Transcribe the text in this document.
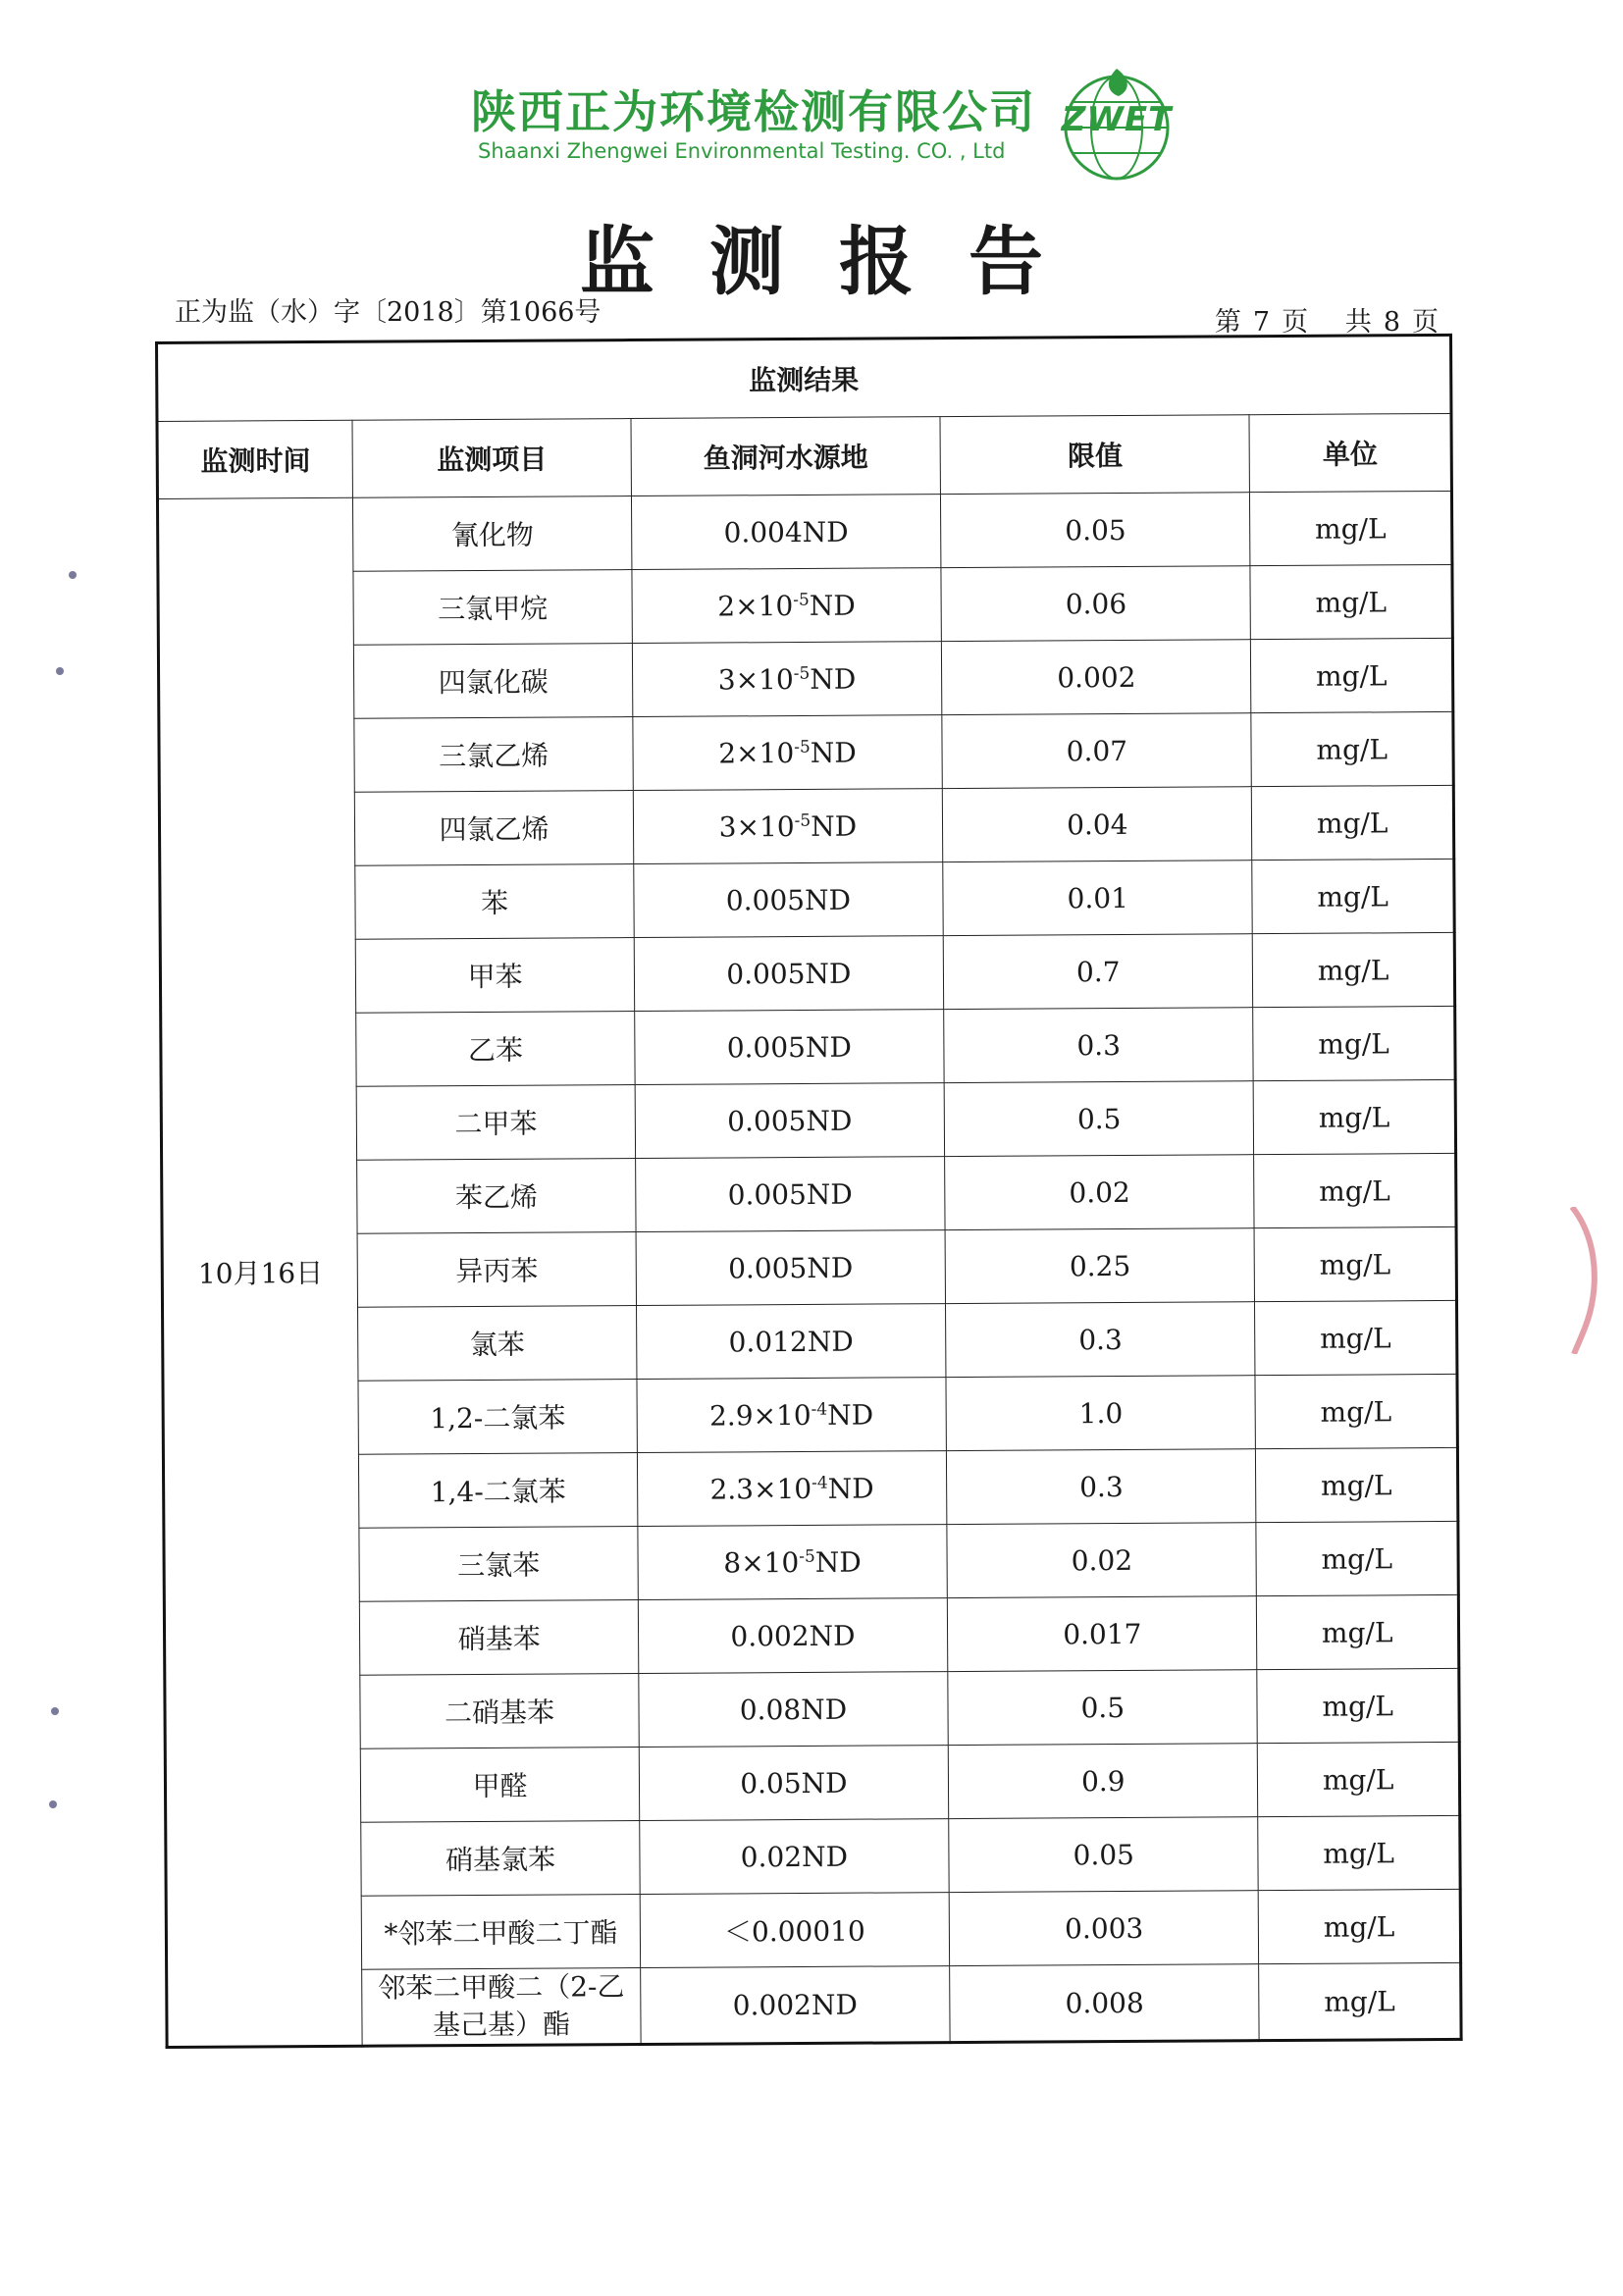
陕西正为环境检测有限公司
Shaanxi Zhengwei Environmental Testing. CO. , Ltd
ZWET
监测报告
正为监（水）字〔2018〕第1066号	第 7 页 共 8 页
监测结果				
监测时间	监测项目	鱼洞河水源地	限值	单位
10月16日	氰化物	0.004ND	0.05	mg/L
	三氯甲烷	$2\times 10^{-5}ND$	0.06	mg/L
	四氯化碳	$3\times 10^{-5}ND$	0.002	mg/L
	三氯乙烯	$2\times 10^{-5}ND$	0.07	mg/L
	四氯乙烯	$3\times 10^{-5}ND$	0.04	mg/L
	苯	0.005ND	0.01	mg/L
	甲苯	0.005ND	0.7	mg/L
	乙苯	0.005ND	0.3	mg/L
	二甲苯	0.005ND	0.5	mg/L
	苯乙烯	0.005ND	0.02	mg/L
	异丙苯	0.005ND	0.25	mg/L
	氯苯	0.012ND	0.3	mg/L
	1,2-二氯苯	$2.9\times 10^{-4}ND$	1.0	mg/L
	1,4-二氯苯	$2.3\times 10^{-4}ND$	0.3	mg/L
	三氯苯	$8\times 10^{-5}ND$	0.02	mg/L
	硝基苯	0.002ND	0.017	mg/L
	二硝基苯	0.08ND	0.5	mg/L
	甲醛	0.05ND	0.9	mg/L
	硝基氯苯	0.02ND	0.05	mg/L
	*邻苯二甲酸二丁酯	＜0.00010	0.003	mg/L

	邻苯二甲酸二（2-乙
基己基）酯	0.002ND	0.008	mg/L
